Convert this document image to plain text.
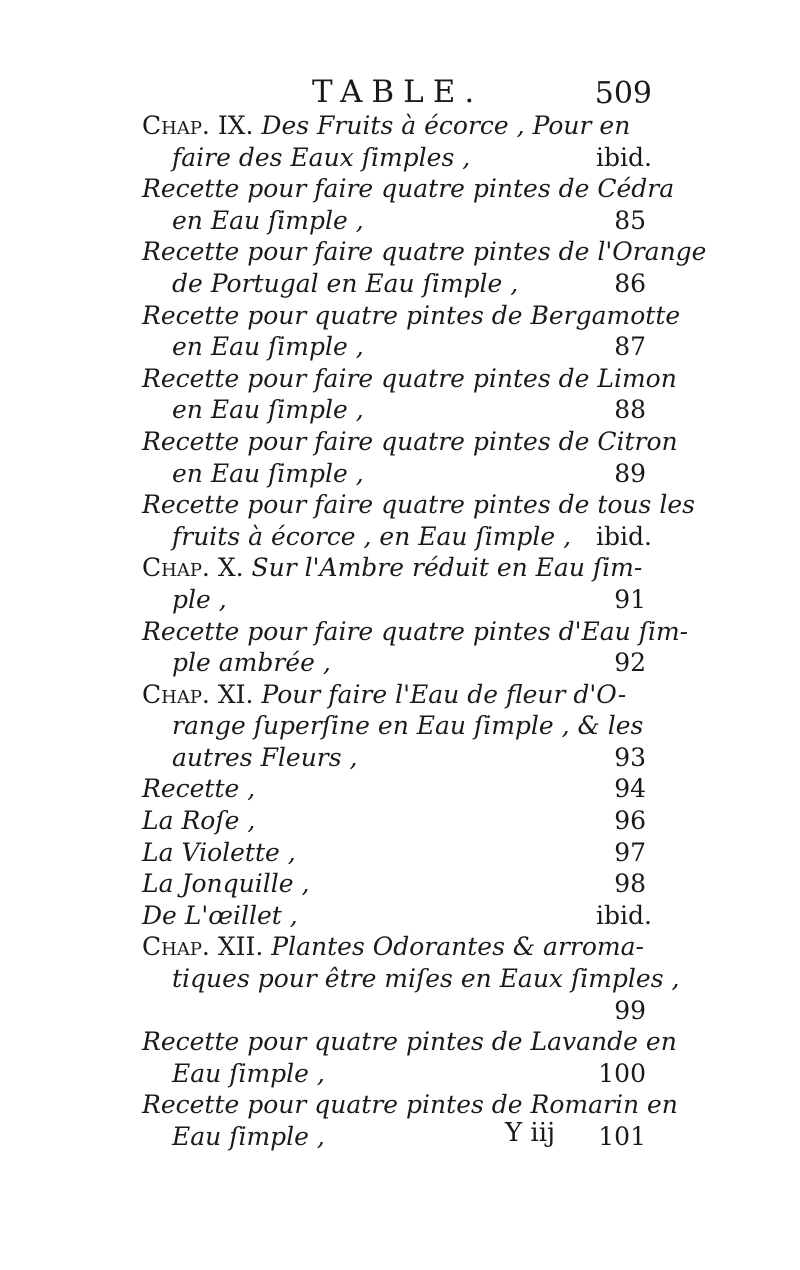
TABLE.	509
Chap. IX. Des Fruits à écorce , Pour en
faire des Eaux ſimples ,	ibid.
Recette pour faire quatre pintes de Cédra
en Eau ſimple ,	85
Recette pour faire quatre pintes de l'Orange
de Portugal en Eau ſimple ,	86
Recette pour quatre pintes de Bergamotte
en Eau ſimple ,	87
Recette pour faire quatre pintes de Limon
en Eau ſimple ,	88
Recette pour faire quatre pintes de Citron
en Eau ſimple ,	89
Recette pour faire quatre pintes de tous les
fruits à écorce , en Eau ſimple , ibid.
Chap. X. Sur l'Ambre réduit en Eau ſim-
ple ,	91
Recette pour faire quatre pintes d'Eau ſim-
ple ambrée ,	92
Chap. XI. Pour faire l'Eau de fleur d'O-
range ſuperſine en Eau ſimple , & les
autres Fleurs ,	93
Recette ,	94
La Roſe ,	96
La Violette ,	97
La Jonquille ,	98
De L'œillet ,	ibid.
Chap. XII. Plantes Odorantes & arroma-
tiques pour être miſes en Eaux ſimples ,
99
Recette pour quatre pintes de Lavande en
Eau ſimple ,	100
Recette pour quatre pintes de Romarin en
Eau ſimple ,	101
Y iij
